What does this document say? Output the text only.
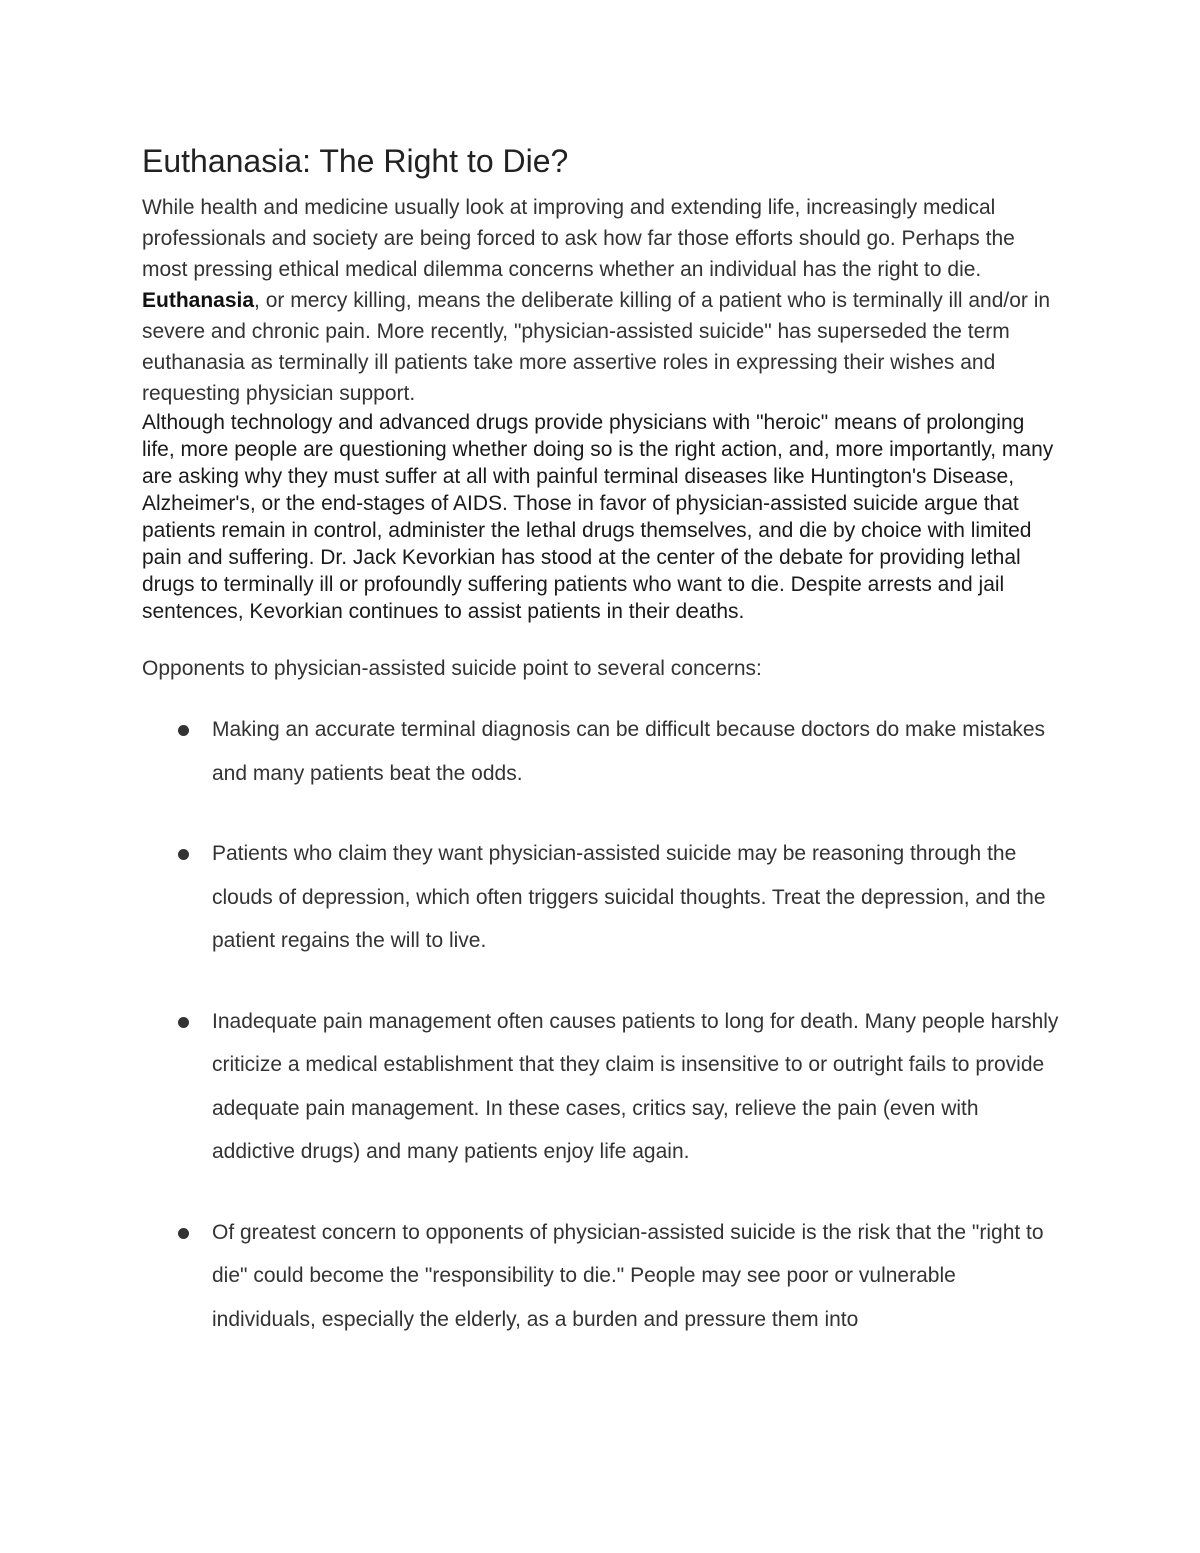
Euthanasia: The Right to Die?

While health and medicine usually look at improving and extending life, increasingly medical professionals and society are being forced to ask how far those efforts should go. Perhaps the most pressing ethical medical dilemma concerns whether an individual has the right to die. Euthanasia, or mercy killing, means the deliberate killing of a patient who is terminally ill and/or in severe and chronic pain. More recently, "physician-assisted suicide" has superseded the term euthanasia as terminally ill patients take more assertive roles in expressing their wishes and requesting physician support.

Although technology and advanced drugs provide physicians with "heroic" means of prolonging life, more people are questioning whether doing so is the right action, and, more importantly, many are asking why they must suffer at all with painful terminal diseases like Huntington's Disease, Alzheimer's, or the end-stages of AIDS. Those in favor of physician-assisted suicide argue that patients remain in control, administer the lethal drugs themselves, and die by choice with limited pain and suffering. Dr. Jack Kevorkian has stood at the center of the debate for providing lethal drugs to terminally ill or profoundly suffering patients who want to die. Despite arrests and jail sentences, Kevorkian continues to assist patients in their deaths.

Opponents to physician-assisted suicide point to several concerns:

Making an accurate terminal diagnosis can be difficult because doctors do make mistakes and many patients beat the odds.
Patients who claim they want physician-assisted suicide may be reasoning through the clouds of depression, which often triggers suicidal thoughts. Treat the depression, and the patient regains the will to live.
Inadequate pain management often causes patients to long for death. Many people harshly criticize a medical establishment that they claim is insensitive to or outright fails to provide adequate pain management. In these cases, critics say, relieve the pain (even with addictive drugs) and many patients enjoy life again.
Of greatest concern to opponents of physician-assisted suicide is the risk that the "right to die" could become the "responsibility to die." People may see poor or vulnerable individuals, especially the elderly, as a burden and pressure them into
